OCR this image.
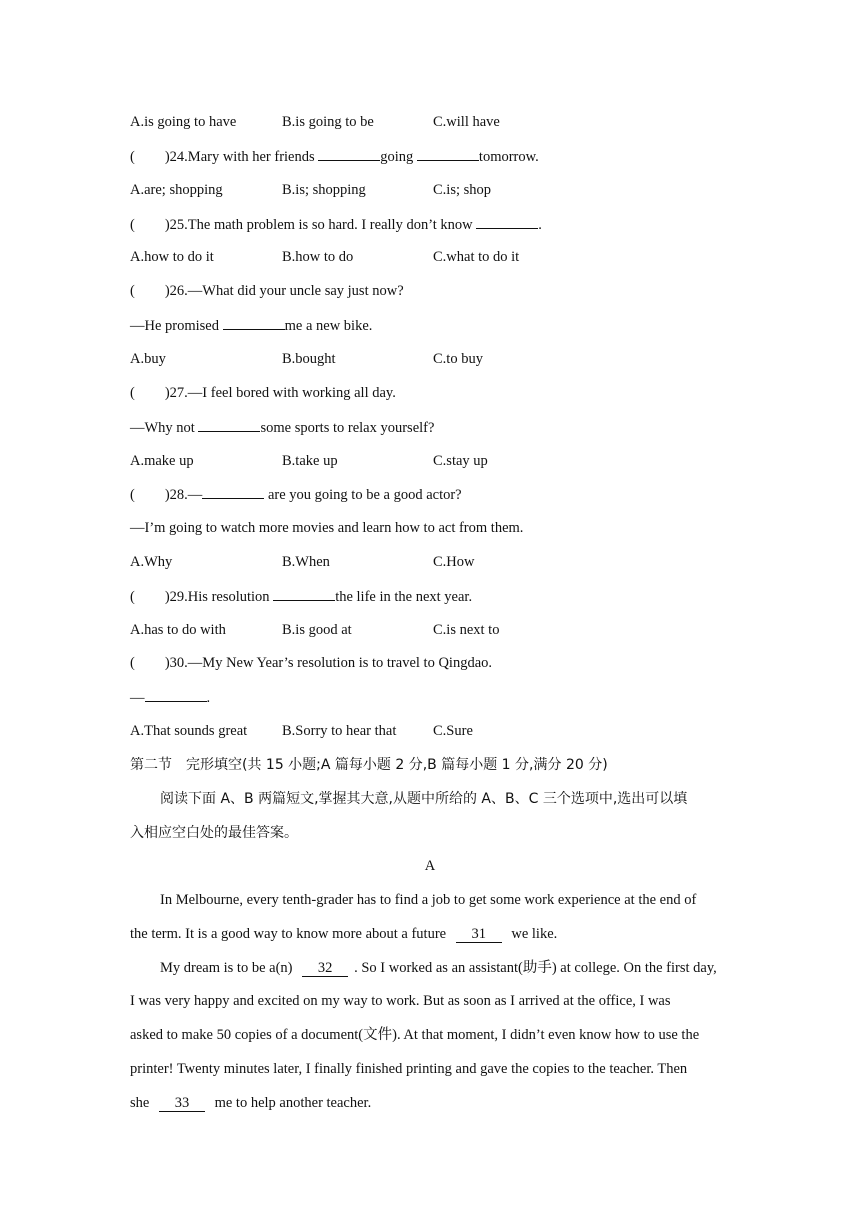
A.is going to have	B.is going to be	C.will have
( )24.Mary with her friends	going	tomorrow.
A.are; shopping	B.is; shopping	C.is; shop
( )25.The math problem is so hard. I really don’t know	.
A.how to do it	B.how to do	C.what to do it
( )26.—What did your uncle say just now?
—He promised	me a new bike.
A.buy	B.bought	C.to buy
( )27.—I feel bored with working all day.
—Why not	some sports to relax yourself?
A.make up	B.take up	C.stay up
( )28.—	are you going to be a good actor?
—I’m going to watch more movies and learn how to act from them.
A.Why	B.When	C.How
( )29.His resolution	the life in the next year.
A.has to do with	B.is good at	C.is next to
( )30.—My New Year’s resolution is to travel to Qingdao.
—	.
A.That sounds great B.Sorry to hear that	C.Sure
第二节　完形填空(共 15 小题;A 篇每小题 2 分,B 篇每小题 1 分,满分 20 分)
阅读下面 A、B 两篇短文,掌握其大意,从题中所给的 A、B、C 三个选项中,选出可以填
入相应空白处的最佳答案。
A
In Melbourne, every tenth-grader has to find a job to get some work experience at the end of
the term. It is a good way to know more about a future 31 we like.
My dream is to be a(n) 32 . So I worked as an assistant(助手) at college. On the first day,
I was very happy and excited on my way to work. But as soon as I arrived at the office, I was
asked to make 50 copies of a document(文件). At that moment, I didn’t even know how to use the
printer! Twenty minutes later, I finally finished printing and gave the copies to the teacher. Then
she 33 me to help another teacher.
